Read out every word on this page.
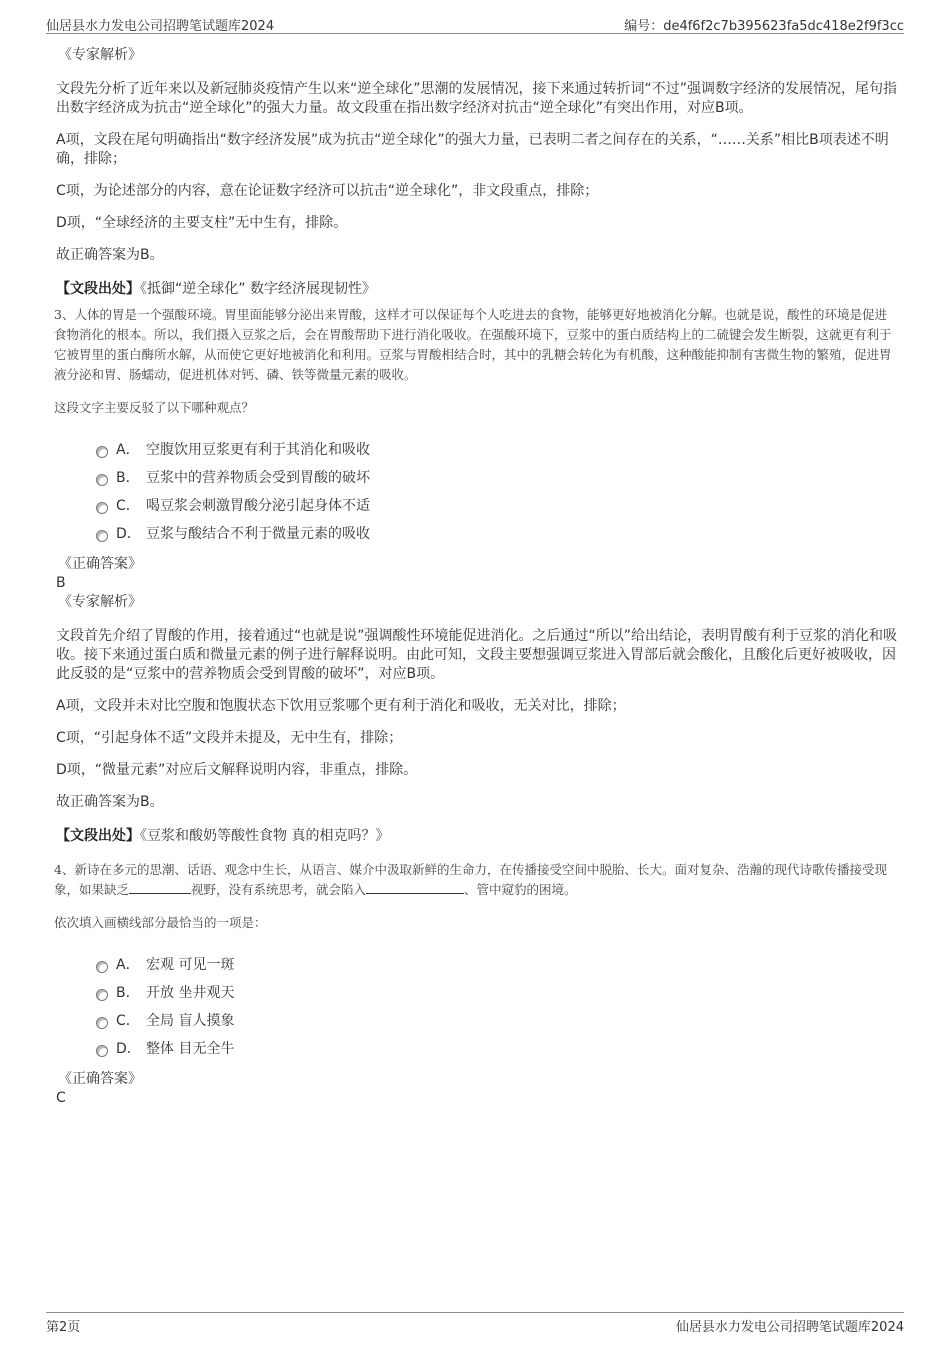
仙居县水力发电公司招聘笔试题库2024	编号：de4f6f2c7b395623fa5dc418e2f9f3cc

《专家解析》

文段先分析了近年来以及新冠肺炎疫情产生以来“逆全球化”思潮的发展情况，接下来通过转折词“不过”强调数字经济的发展情况，尾句指出数字经济成为抗击“逆全球化”的强大力量。故文段重在指出数字经济对抗击“逆全球化”有突出作用，对应B项。

A项，文段在尾句明确指出“数字经济发展”成为抗击“逆全球化”的强大力量，已表明二者之间存在的关系，“……关系”相比B项表述不明确，排除；

C项，为论述部分的内容，意在论证数字经济可以抗击“逆全球化”，非文段重点，排除；

D项，“全球经济的主要支柱”无中生有，排除。

故正确答案为B。

【文段出处】《抵御“逆全球化” 数字经济展现韧性》

3、人体的胃是一个强酸环境。胃里面能够分泌出来胃酸，这样才可以保证每个人吃进去的食物，能够更好地被消化分解。也就是说，酸性的环境是促进食物消化的根本。所以，我们摄入豆浆之后，会在胃酸帮助下进行消化吸收。在强酸环境下，豆浆中的蛋白质结构上的二硫键会发生断裂，这就更有利于它被胃里的蛋白酶所水解，从而使它更好地被消化和利用。豆浆与胃酸相结合时，其中的乳糖会转化为有机酸，这种酸能抑制有害微生物的繁殖，促进胃液分泌和胃、肠蠕动，促进机体对钙、磷、铁等微量元素的吸收。

这段文字主要反驳了以下哪种观点？

A． 空腹饮用豆浆更有利于其消化和吸收
B． 豆浆中的营养物质会受到胃酸的破坏
C． 喝豆浆会刺激胃酸分泌引起身体不适
D． 豆浆与酸结合不利于微量元素的吸收

《正确答案》

B

《专家解析》

文段首先介绍了胃酸的作用，接着通过“也就是说”强调酸性环境能促进消化。之后通过“所以”给出结论，表明胃酸有利于豆浆的消化和吸收。接下来通过蛋白质和微量元素的例子进行解释说明。由此可知，文段主要想强调豆浆进入胃部后就会酸化，且酸化后更好被吸收，因此反驳的是“豆浆中的营养物质会受到胃酸的破坏”，对应B项。

A项，文段并未对比空腹和饱腹状态下饮用豆浆哪个更有利于消化和吸收，无关对比，排除；

C项，“引起身体不适”文段并未提及，无中生有，排除；

D项，“微量元素”对应后文解释说明内容，非重点，排除。

故正确答案为B。

【文段出处】《豆浆和酸奶等酸性食物 真的相克吗？》

4、新诗在多元的思潮、话语、观念中生长，从语言、媒介中汲取新鲜的生命力，在传播接受空间中脱胎、长大。面对复杂、浩瀚的现代诗歌传播接受现象，如果缺乏	视野，没有系统思考，就会陷入	、管中窥豹的困境。

依次填入画横线部分最恰当的一项是：

A． 宏观 可见一斑
B． 开放 坐井观天
C． 全局 盲人摸象
D． 整体 目无全牛

《正确答案》

C

第2页	仙居县水力发电公司招聘笔试题库2024
